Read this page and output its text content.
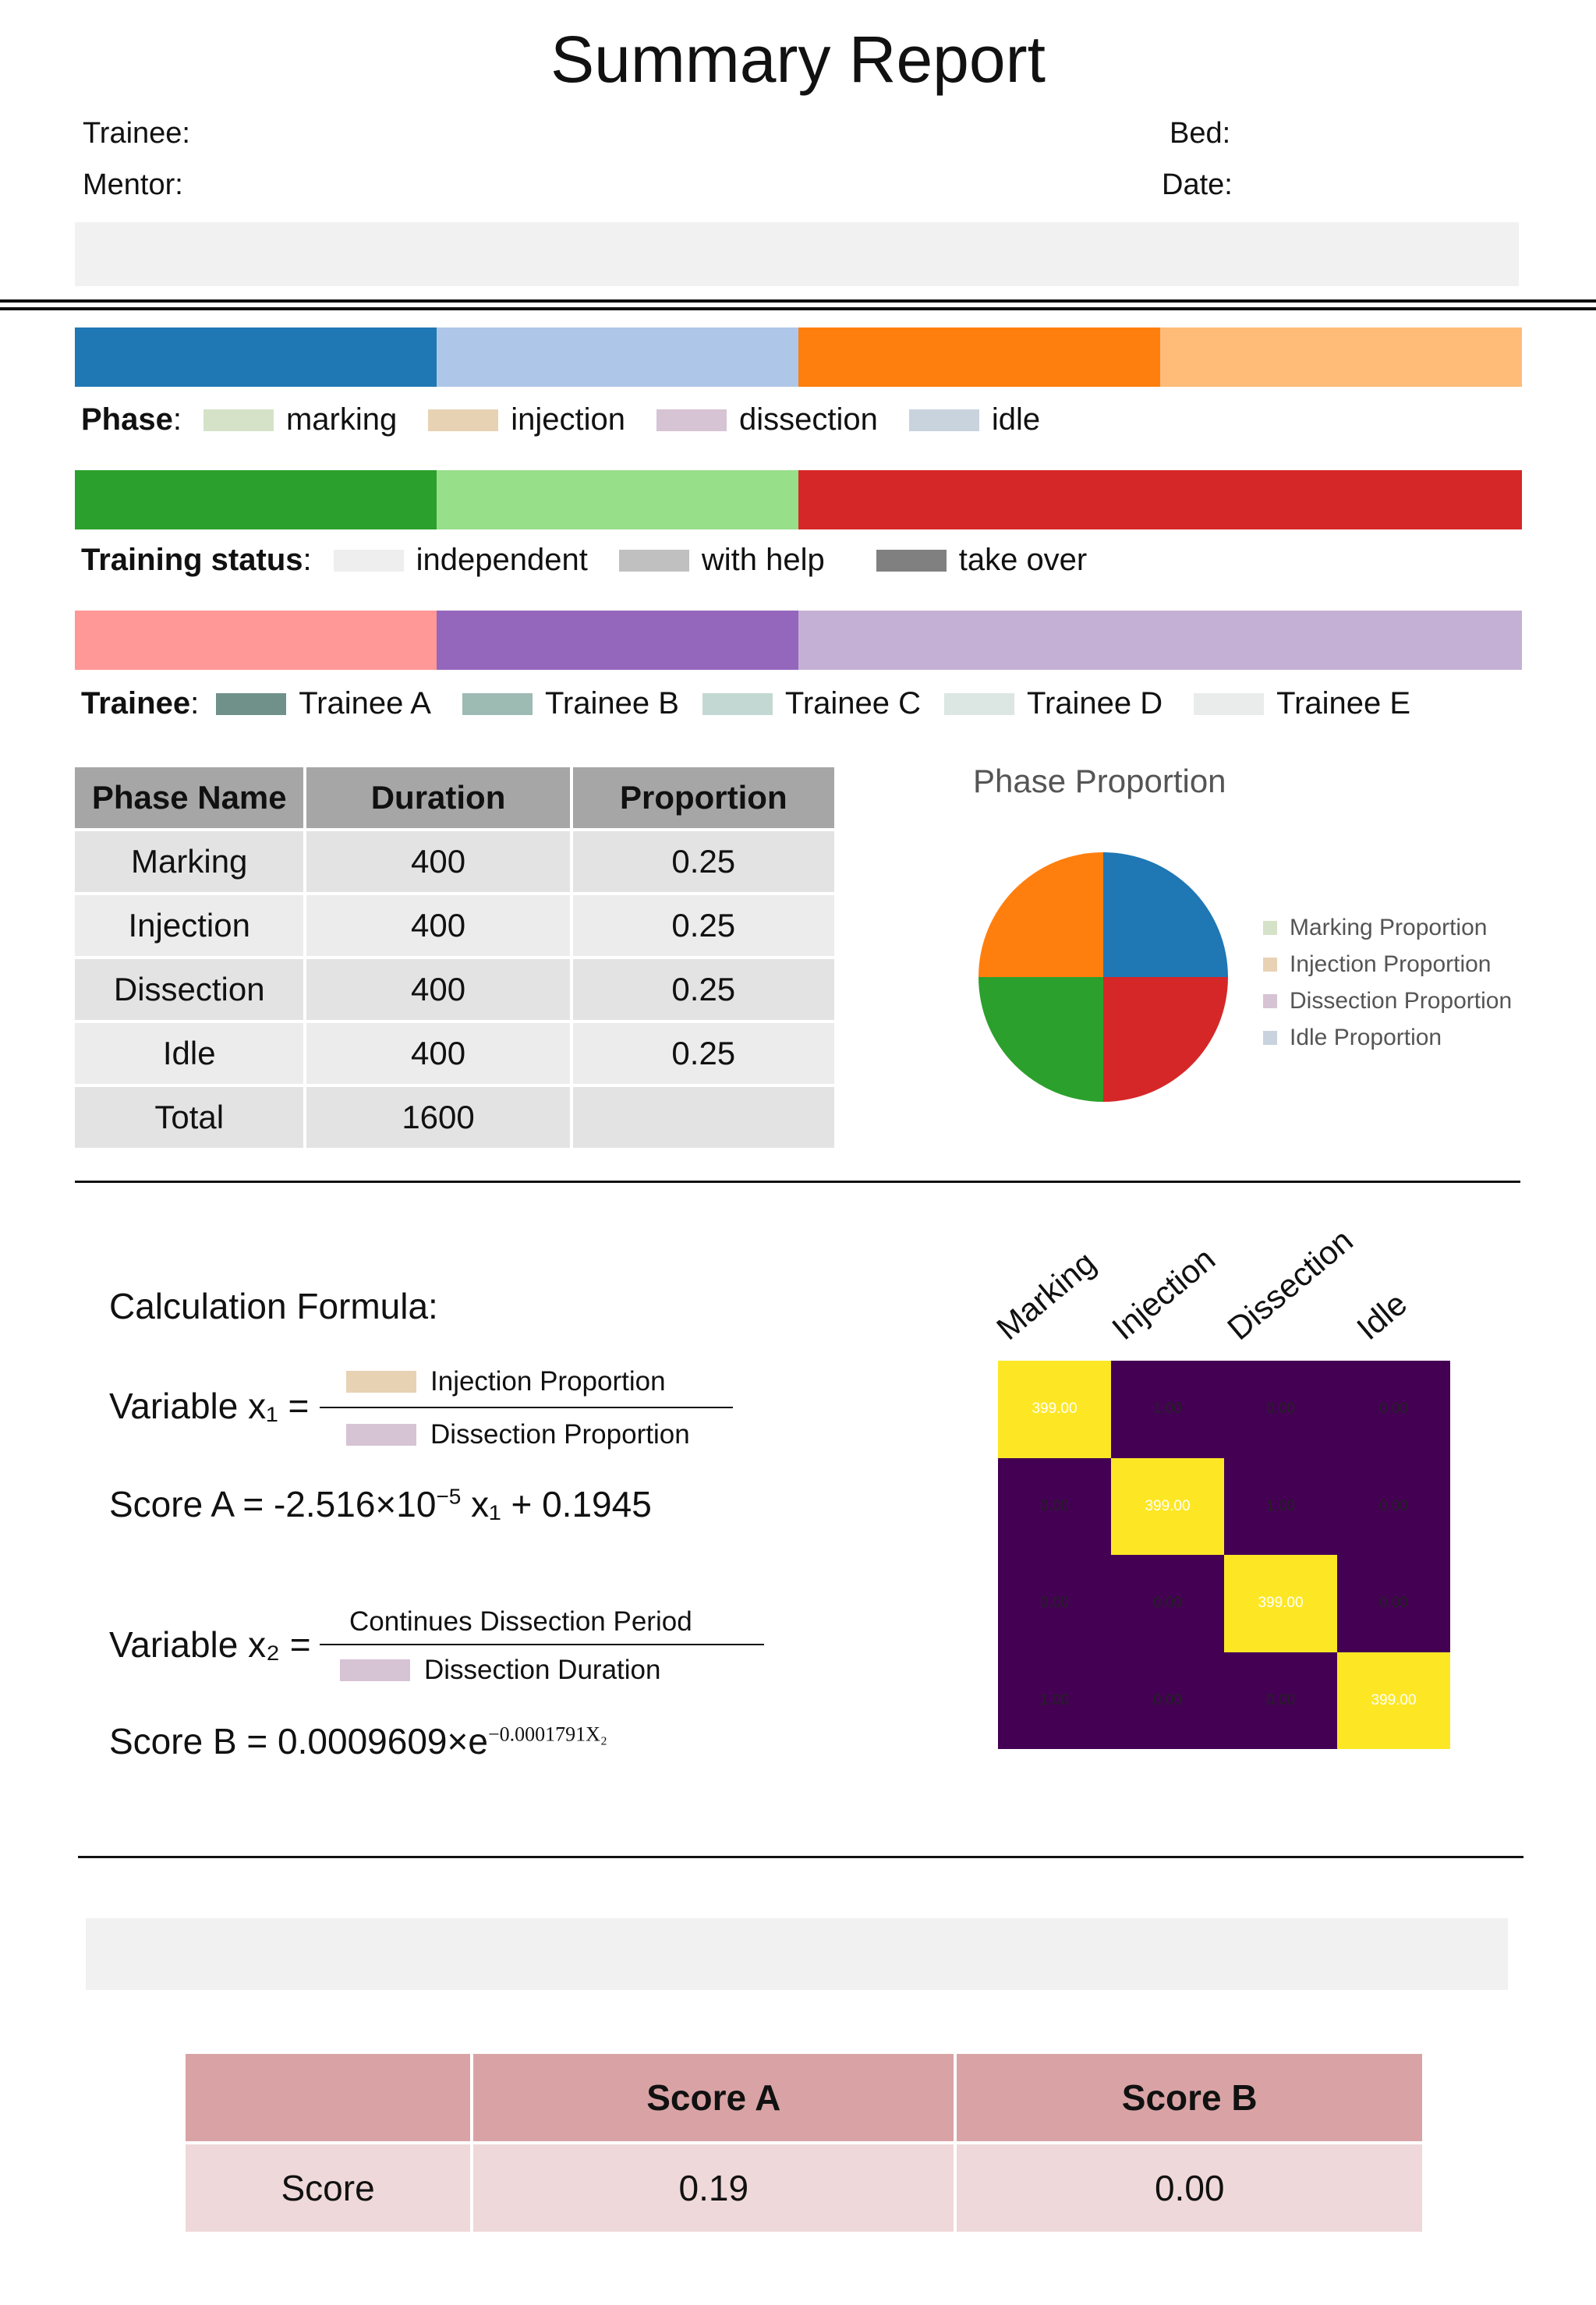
Summary Report
Trainee:
Mentor:
Bed:
Date:
Phase:	marking	injection	dissection	idle
Training status:	independent	with help	take over
Trainee:	Trainee A	Trainee B	Trainee C	Trainee D	Trainee E
Phase Name	Duration	Proportion
Marking	400	0.25
Injection	400	0.25
Dissection	400	0.25
Idle	400	0.25
Total	1600	
Phase Proportion
Marking Proportion
Injection Proportion
Dissection Proportion
Idle Proportion
Calculation Formula:
Variable x₁ =
Injection Proportion
Dissection Proportion
Score $A = -2.516\times 10^{-5}$ x₁ + 0.1945
Variable x₂ =
Continues Dissection Period
Dissection Duration
Score $B = 0.0009609\times e^{-0.0001791X_2}$
Marking Injection
Dissection
Idle
399.00	1.00	0.00	0.00
0.00	399.00	1.00	0.00
0.00	0.00	399.00	0.00
1.00	0.00	0.00	399.00
	Score A	Score B
Score	0.19	0.00
